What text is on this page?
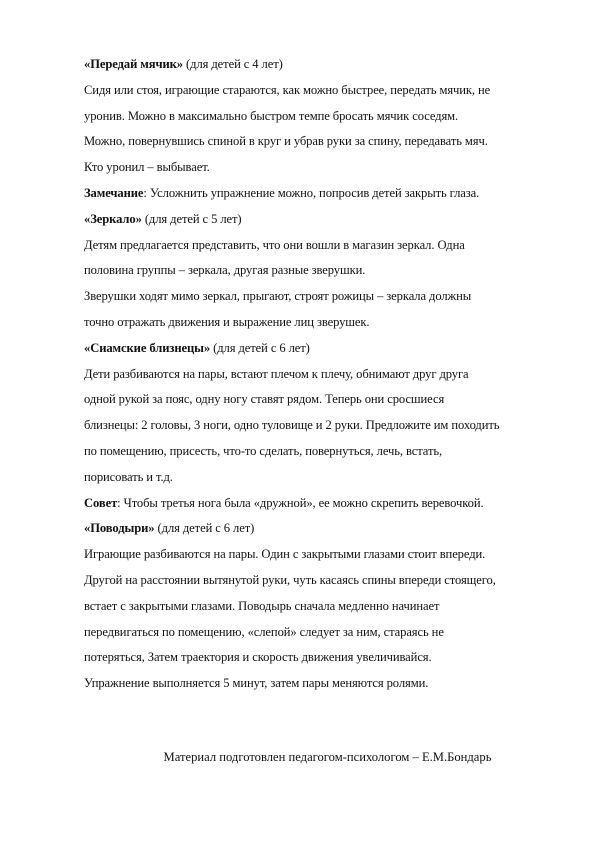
«Передай мячик» (для детей с 4 лет)
Сидя или стоя, играющие стараются, как можно быстрее, передать мячик, не
уронив. Можно в максимально быстром темпе бросать мячик соседям.
Можно, повернувшись спиной в круг и убрав руки за спину, передавать мяч.
Кто уронил – выбывает.
Замечание: Усложнить упражнение можно, попросив детей закрыть глаза.
«Зеркало» (для детей с 5 лет)
Детям предлагается представить, что они вошли в магазин зеркал. Одна
половина группы – зеркала, другая разные зверушки.
Зверушки ходят мимо зеркал, прыгают, строят рожицы – зеркала должны
точно отражать движения и выражение лиц зверушек.
«Сиамские близнецы» (для детей с 6 лет)
Дети разбиваются на пары, встают плечом к плечу, обнимают друг друга
одной рукой за пояс, одну ногу ставят рядом. Теперь они сросшиеся
близнецы: 2 головы, 3 ноги, одно туловище и 2 руки. Предложите им походить
по помещению, присесть, что-то сделать, повернуться, лечь, встать,
порисовать и т.д.
Совет: Чтобы третья нога была «дружной», ее можно скрепить веревочкой.
«Поводыри» (для детей с 6 лет)
Играющие разбиваются на пары. Один с закрытыми глазами стоит впереди.
Другой на расстоянии вытянутой руки, чуть касаясь спины впереди стоящего,
встает с закрытыми глазами. Поводырь сначала медленно начинает
передвигаться по помещению, «слепой» следует за ним, стараясь не
потеряться, Затем траектория и скорость движения увеличивайся.
Упражнение выполняется 5 минут, затем пары меняются ролями.
Материал подготовлен педагогом-психологом – Е.М.Бондарь
